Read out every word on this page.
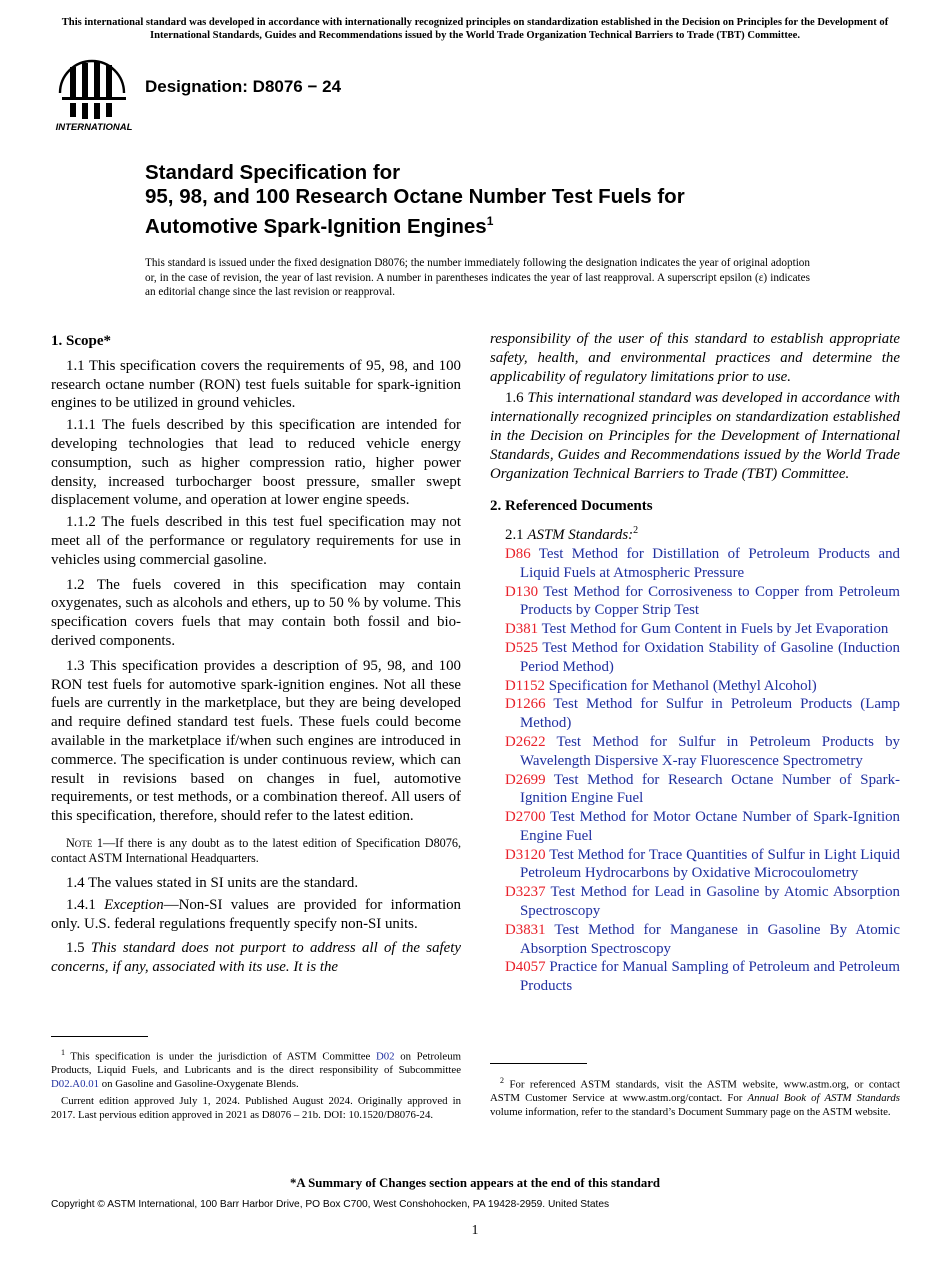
This international standard was developed in accordance with internationally recognized principles on standardization established in the Decision on Principles for the Development of International Standards, Guides and Recommendations issued by the World Trade Organization Technical Barriers to Trade (TBT) Committee.
INTERNATIONAL
Designation: D8076 − 24
Standard Specification for
95, 98, and 100 Research Octane Number Test Fuels for
Automotive Spark-Ignition Engines$^1$
This standard is issued under the fixed designation D8076; the number immediately following the designation indicates the year of original adoption or, in the case of revision, the year of last revision. A number in parentheses indicates the year of last reapproval. A superscript epsilon (ε) indicates an editorial change since the last revision or reapproval.
1. Scope*

1.1 This specification covers the requirements of 95, 98, and 100 research octane number (RON) test fuels suitable for spark-ignition engines to be utilized in ground vehicles.

1.1.1 The fuels described by this specification are intended for developing technologies that lead to reduced vehicle energy consumption, such as higher compression ratio, higher power density, increased turbocharger boost pressure, smaller swept displacement volume, and operation at lower engine speeds.

1.1.2 The fuels described in this test fuel specification may not meet all of the performance or regulatory requirements for use in vehicles using commercial gasoline.

1.2 The fuels covered in this specification may contain oxygenates, such as alcohols and ethers, up to 50 % by volume. This specification covers fuels that may contain both fossil and bio-derived components.

1.3 This specification provides a description of 95, 98, and 100 RON test fuels for automotive spark-ignition engines. Not all these fuels are currently in the marketplace, but they are being developed and require defined standard test fuels. These fuels could become available in the marketplace if/when such engines are introduced in commerce. The specification is under continuous review, which can result in revisions based on changes in fuel, automotive requirements, or test methods, or a combination thereof. All users of this specification, therefore, should refer to the latest edition.

Note 1—If there is any doubt as to the latest edition of Specification D8076, contact ASTM International Headquarters.

1.4 The values stated in SI units are the standard.

1.4.1 Exception—Non-SI values are provided for information only. U.S. federal regulations frequently specify non-SI units.

1.5 This standard does not purport to address all of the safety concerns, if any, associated with its use. It is the

$^1$ This specification is under the jurisdiction of ASTM Committee D02 on Petroleum Products, Liquid Fuels, and Lubricants and is the direct responsibility of Subcommittee D02.A0.01 on Gasoline and Gasoline-Oxygenate Blends.

Current edition approved July 1, 2024. Published August 2024. Originally approved in 2017. Last pervious edition approved in 2021 as D8076 – 21b. DOI: 10.1520/D8076-24.

responsibility of the user of this standard to establish appropriate safety, health, and environmental practices and determine the applicability of regulatory limitations prior to use.

1.6 This international standard was developed in accordance with internationally recognized principles on standardization established in the Decision on Principles for the Development of International Standards, Guides and Recommendations issued by the World Trade Organization Technical Barriers to Trade (TBT) Committee.

2. Referenced Documents

2.1 ASTM Standards:$^2$

D86 Test Method for Distillation of Petroleum Products and Liquid Fuels at Atmospheric Pressure

D130 Test Method for Corrosiveness to Copper from Petroleum Products by Copper Strip Test

D381 Test Method for Gum Content in Fuels by Jet Evaporation

D525 Test Method for Oxidation Stability of Gasoline (Induction Period Method)

D1152 Specification for Methanol (Methyl Alcohol)

D1266 Test Method for Sulfur in Petroleum Products (Lamp Method)

D2622 Test Method for Sulfur in Petroleum Products by Wavelength Dispersive X-ray Fluorescence Spectrometry

D2699 Test Method for Research Octane Number of Spark-Ignition Engine Fuel

D2700 Test Method for Motor Octane Number of Spark-Ignition Engine Fuel

D3120 Test Method for Trace Quantities of Sulfur in Light Liquid Petroleum Hydrocarbons by Oxidative Microcoulometry

D3237 Test Method for Lead in Gasoline by Atomic Absorption Spectroscopy

D3831 Test Method for Manganese in Gasoline By Atomic Absorption Spectroscopy

D4057 Practice for Manual Sampling of Petroleum and Petroleum Products

$^2$ For referenced ASTM standards, visit the ASTM website, www.astm.org, or contact ASTM Customer Service at www.astm.org/contact. For Annual Book of ASTM Standards volume information, refer to the standard’s Document Summary page on the ASTM website.

*A Summary of Changes section appears at the end of this standard
Copyright © ASTM International, 100 Barr Harbor Drive, PO Box C700, West Conshohocken, PA 19428-2959. United States
1
